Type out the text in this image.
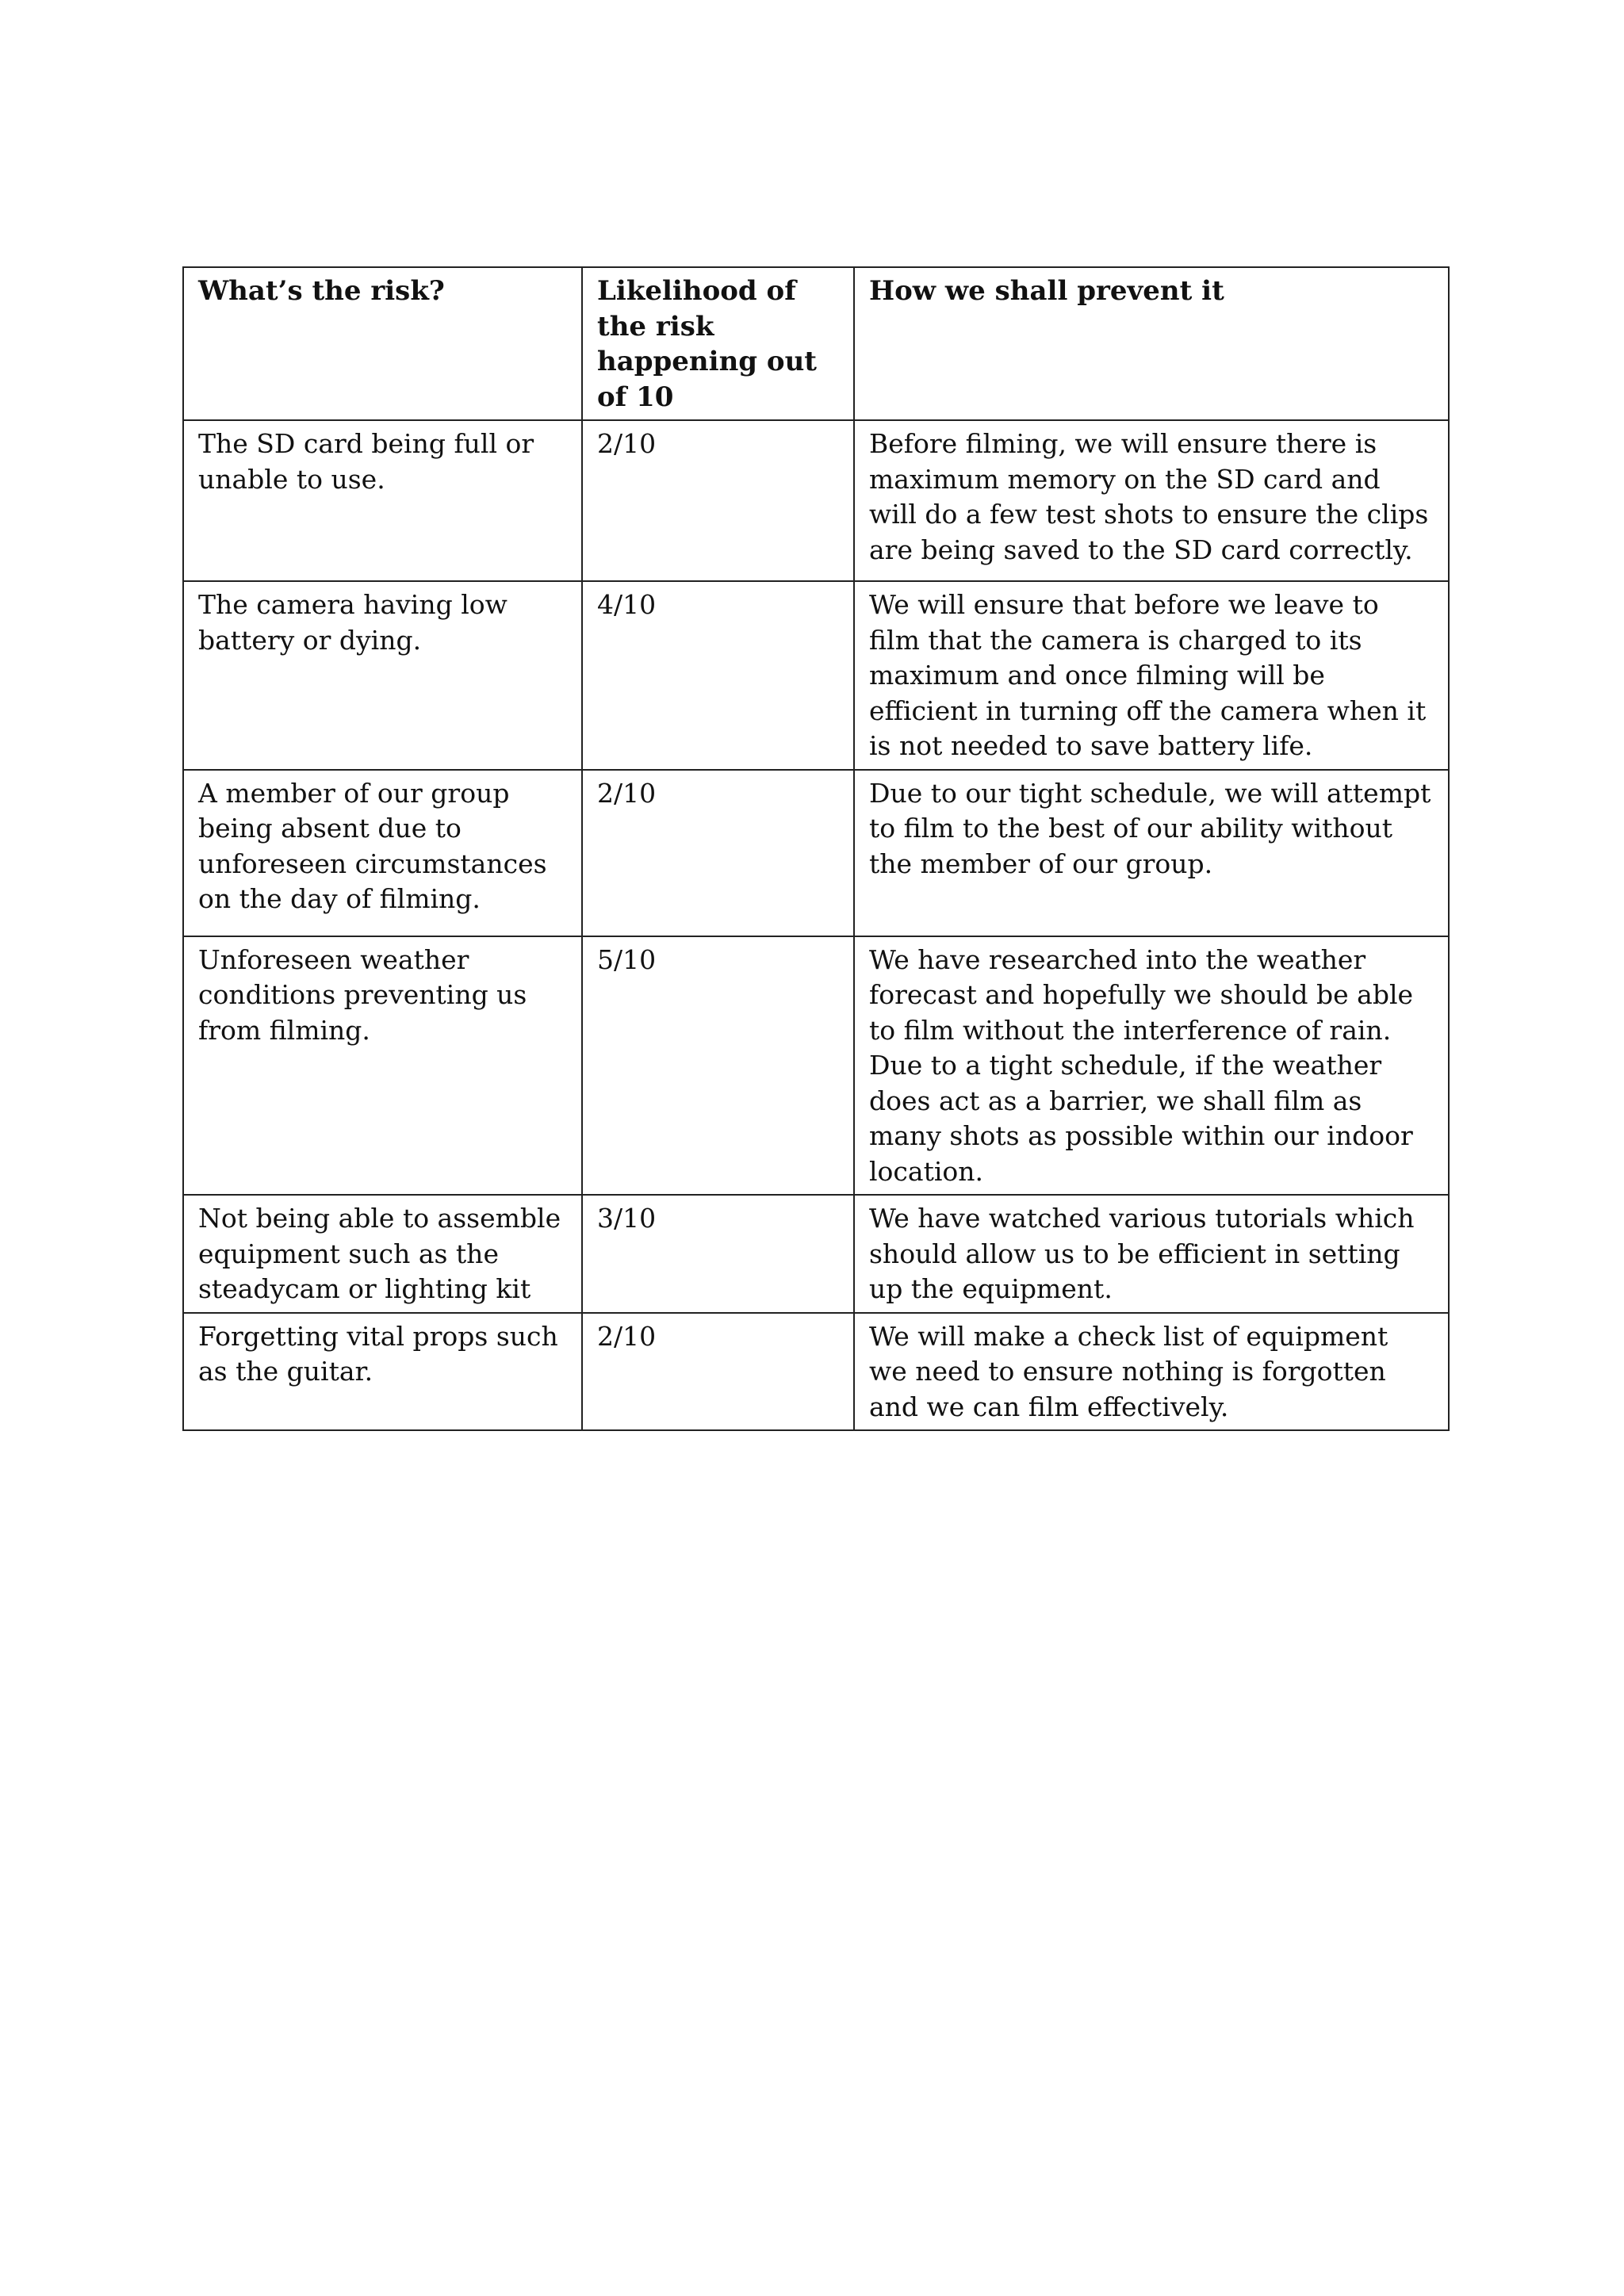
What’s the risk?	Likelihood of the risk happening out of 10	How we shall prevent it
The SD card being full or unable to use.	2/10	Before filming, we will ensure there is maximum memory on the SD card and will do a few test shots to ensure the clips are being saved to the SD card correctly.
The camera having low battery or dying.	4/10	We will ensure that before we leave to film that the camera is charged to its maximum and once filming will be efficient in turning off the camera when it is not needed to save battery life.
A member of our group being absent due to unforeseen circumstances on the day of filming.	2/10	Due to our tight schedule, we will attempt to film to the best of our ability without the member of our group.
Unforeseen weather conditions preventing us from filming.	5/10	We have researched into the weather forecast and hopefully we should be able to film without the interference of rain. Due to a tight schedule, if the weather does act as a barrier, we shall film as many shots as possible within our indoor location.
Not being able to assemble equipment such as the steadycam or lighting kit	3/10	We have watched various tutorials which should allow us to be efficient in setting up the equipment.
Forgetting vital props such as the guitar.	2/10	We will make a check list of equipment we need to ensure nothing is forgotten and we can film effectively.
